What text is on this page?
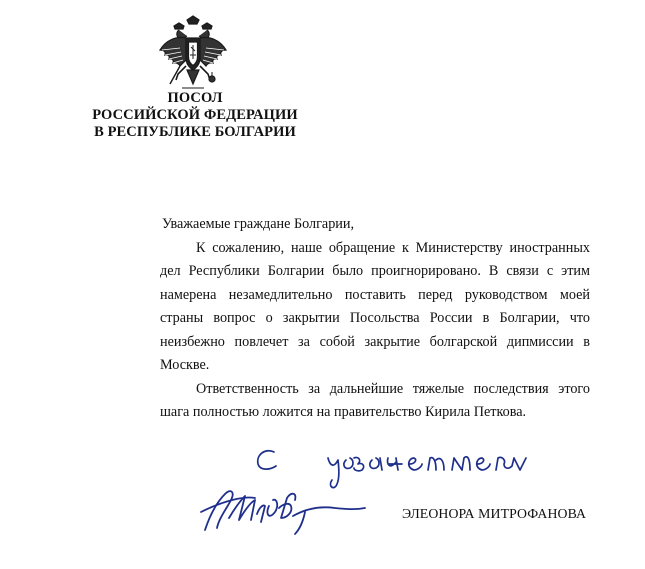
ПОСОЛ
РОССИЙСКОЙ ФЕДЕРАЦИИ
В РЕСПУБЛИКЕ БОЛГАРИИ

Уважаемые граждане Болгарии,

К сожалению, наше обращение к Министерству иностранных дел Республики Болгарии было проигнорировано. В связи с этим намерена незамедлительно поставить перед руководством моей страны вопрос о закрытии Посольства России в Болгарии, что неизбежно повлечет за собой закрытие болгарской дипмиссии в Москве.

Ответственность за дальнейшие тяжелые последствия этого шага полностью ложится на правительство Кирила Петкова.

ЭЛЕОНОРА МИТРОФАНОВА
